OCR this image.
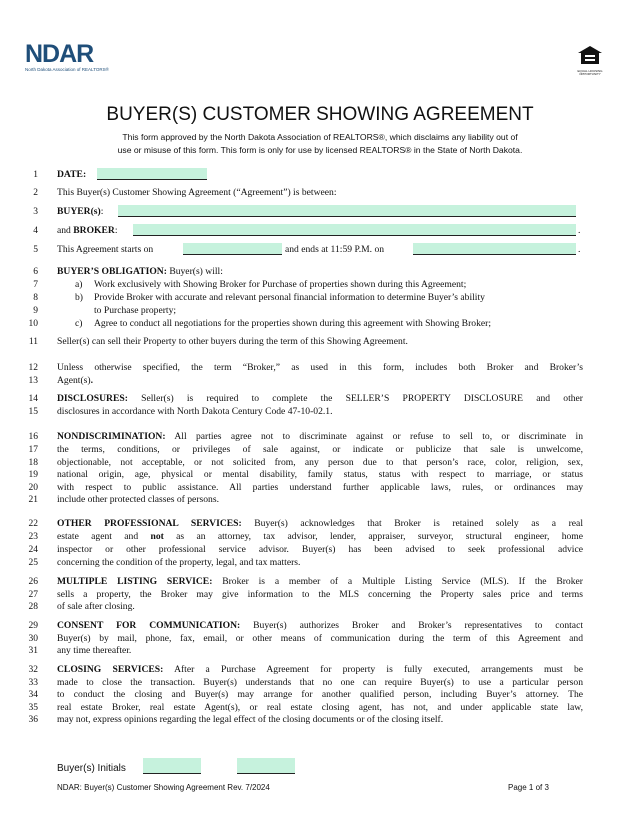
NDAR
North Dakota Association of REALTORS®	EQUAL HOUSING OPPORTUNITY
BUYER(S) CUSTOMER SHOWING AGREEMENT
This form approved by the North Dakota Association of REALTORS®, which disclaims any liability out of
use or misuse of this form. This form is only for use by licensed REALTORS® in the State of North Dakota.
1
2
3
4
5
6
7
8
9
10
11
12
13
14
15
16
17
18
19
20
21
22
23
24
25
26
27
28
29
30
31
32
33
34
35
36
DATE:
This Buyer(s) Customer Showing Agreement (“Agreement”) is between:
BUYER(s):
and BROKER:	.
This Agreement starts on	and ends at 11:59 P.M. on	.
BUYER’S OBLIGATION: Buyer(s) will:
a) Work exclusively with Showing Broker for Purchase of properties shown during this Agreement;
b) Provide Broker with accurate and relevant personal financial information to determine Buyer’s ability
to Purchase property;
c) Agree to conduct all negotiations for the properties shown during this agreement with Showing Broker;
Seller(s) can sell their Property to other buyers during the term of this Showing Agreement.
Unless otherwise specified, the term “Broker,” as used in this form, includes both Broker and Broker’s
Agent(s).
DISCLOSURES: Seller(s) is required to complete the SELLER’S PROPERTY DISCLOSURE and other
disclosures in accordance with North Dakota Century Code 47-10-02.1.
NONDISCRIMINATION: All parties agree not to discriminate against or refuse to sell to, or discriminate in
the terms, conditions, or privileges of sale against, or indicate or publicize that sale is unwelcome,
objectionable, not acceptable, or not solicited from, any person due to that person’s race, color, religion, sex,
national origin, age, physical or mental disability, family status, status with respect to marriage, or status
with respect to public assistance. All parties understand further applicable laws, rules, or ordinances may
include other protected classes of persons.
OTHER PROFESSIONAL SERVICES: Buyer(s) acknowledges that Broker is retained solely as a real
estate agent and not as an attorney, tax advisor, lender, appraiser, surveyor, structural engineer, home
inspector or other professional service advisor. Buyer(s) has been advised to seek professional advice
concerning the condition of the property, legal, and tax matters.
MULTIPLE LISTING SERVICE: Broker is a member of a Multiple Listing Service (MLS). If the Broker
sells a property, the Broker may give information to the MLS concerning the Property sales price and terms
of sale after closing.
CONSENT FOR COMMUNICATION: Buyer(s) authorizes Broker and Broker’s representatives to contact
Buyer(s) by mail, phone, fax, email, or other means of communication during the term of this Agreement and
any time thereafter.
CLOSING SERVICES: After a Purchase Agreement for property is fully executed, arrangements must be
made to close the transaction. Buyer(s) understands that no one can require Buyer(s) to use a particular person
to conduct the closing and Buyer(s) may arrange for another qualified person, including Buyer’s attorney. The
real estate Broker, real estate Agent(s), or real estate closing agent, has not, and under applicable state law,
may not, express opinions regarding the legal effect of the closing documents or of the closing itself.
Buyer(s) Initials
NDAR: Buyer(s) Customer Showing Agreement Rev. 7/2024	Page 1 of 3
